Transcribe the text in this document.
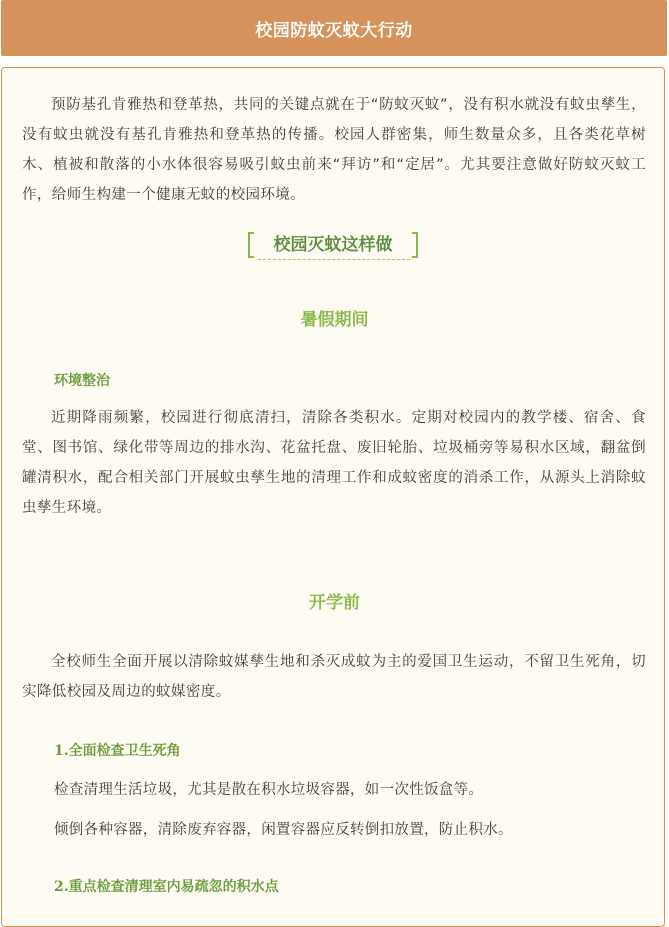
校园防蚊灭蚊大行动

预防基孔肯雅热和登革热，共同的关键点就在于“防蚊灭蚊”，没有积水就没有蚊虫孳生，没有蚊虫就没有基孔肯雅热和登革热的传播。校园人群密集，师生数量众多，且各类花草树木、植被和散落的小水体很容易吸引蚊虫前来“拜访”和“定居”。尤其要注意做好防蚊灭蚊工作，给师生构建一个健康无蚊的校园环境。

校园灭蚊这样做
暑假期间
环境整治

近期降雨频繁，校园进行彻底清扫，清除各类积水。定期对校园内的教学楼、宿舍、食堂、图书馆、绿化带等周边的排水沟、花盆托盘、废旧轮胎、垃圾桶旁等易积水区域，翻盆倒罐清积水，配合相关部门开展蚊虫孳生地的清理工作和成蚊密度的消杀工作，从源头上消除蚊虫孳生环境。

开学前

全校师生全面开展以清除蚊媒孳生地和杀灭成蚊为主的爱国卫生运动，不留卫生死角，切实降低校园及周边的蚊媒密度。

1.全面检查卫生死角

检查清理生活垃圾，尤其是散在积水垃圾容器，如一次性饭盒等。

倾倒各种容器，清除废弃容器，闲置容器应反转倒扣放置，防止积水。

2.重点检查清理室内易疏忽的积水点
